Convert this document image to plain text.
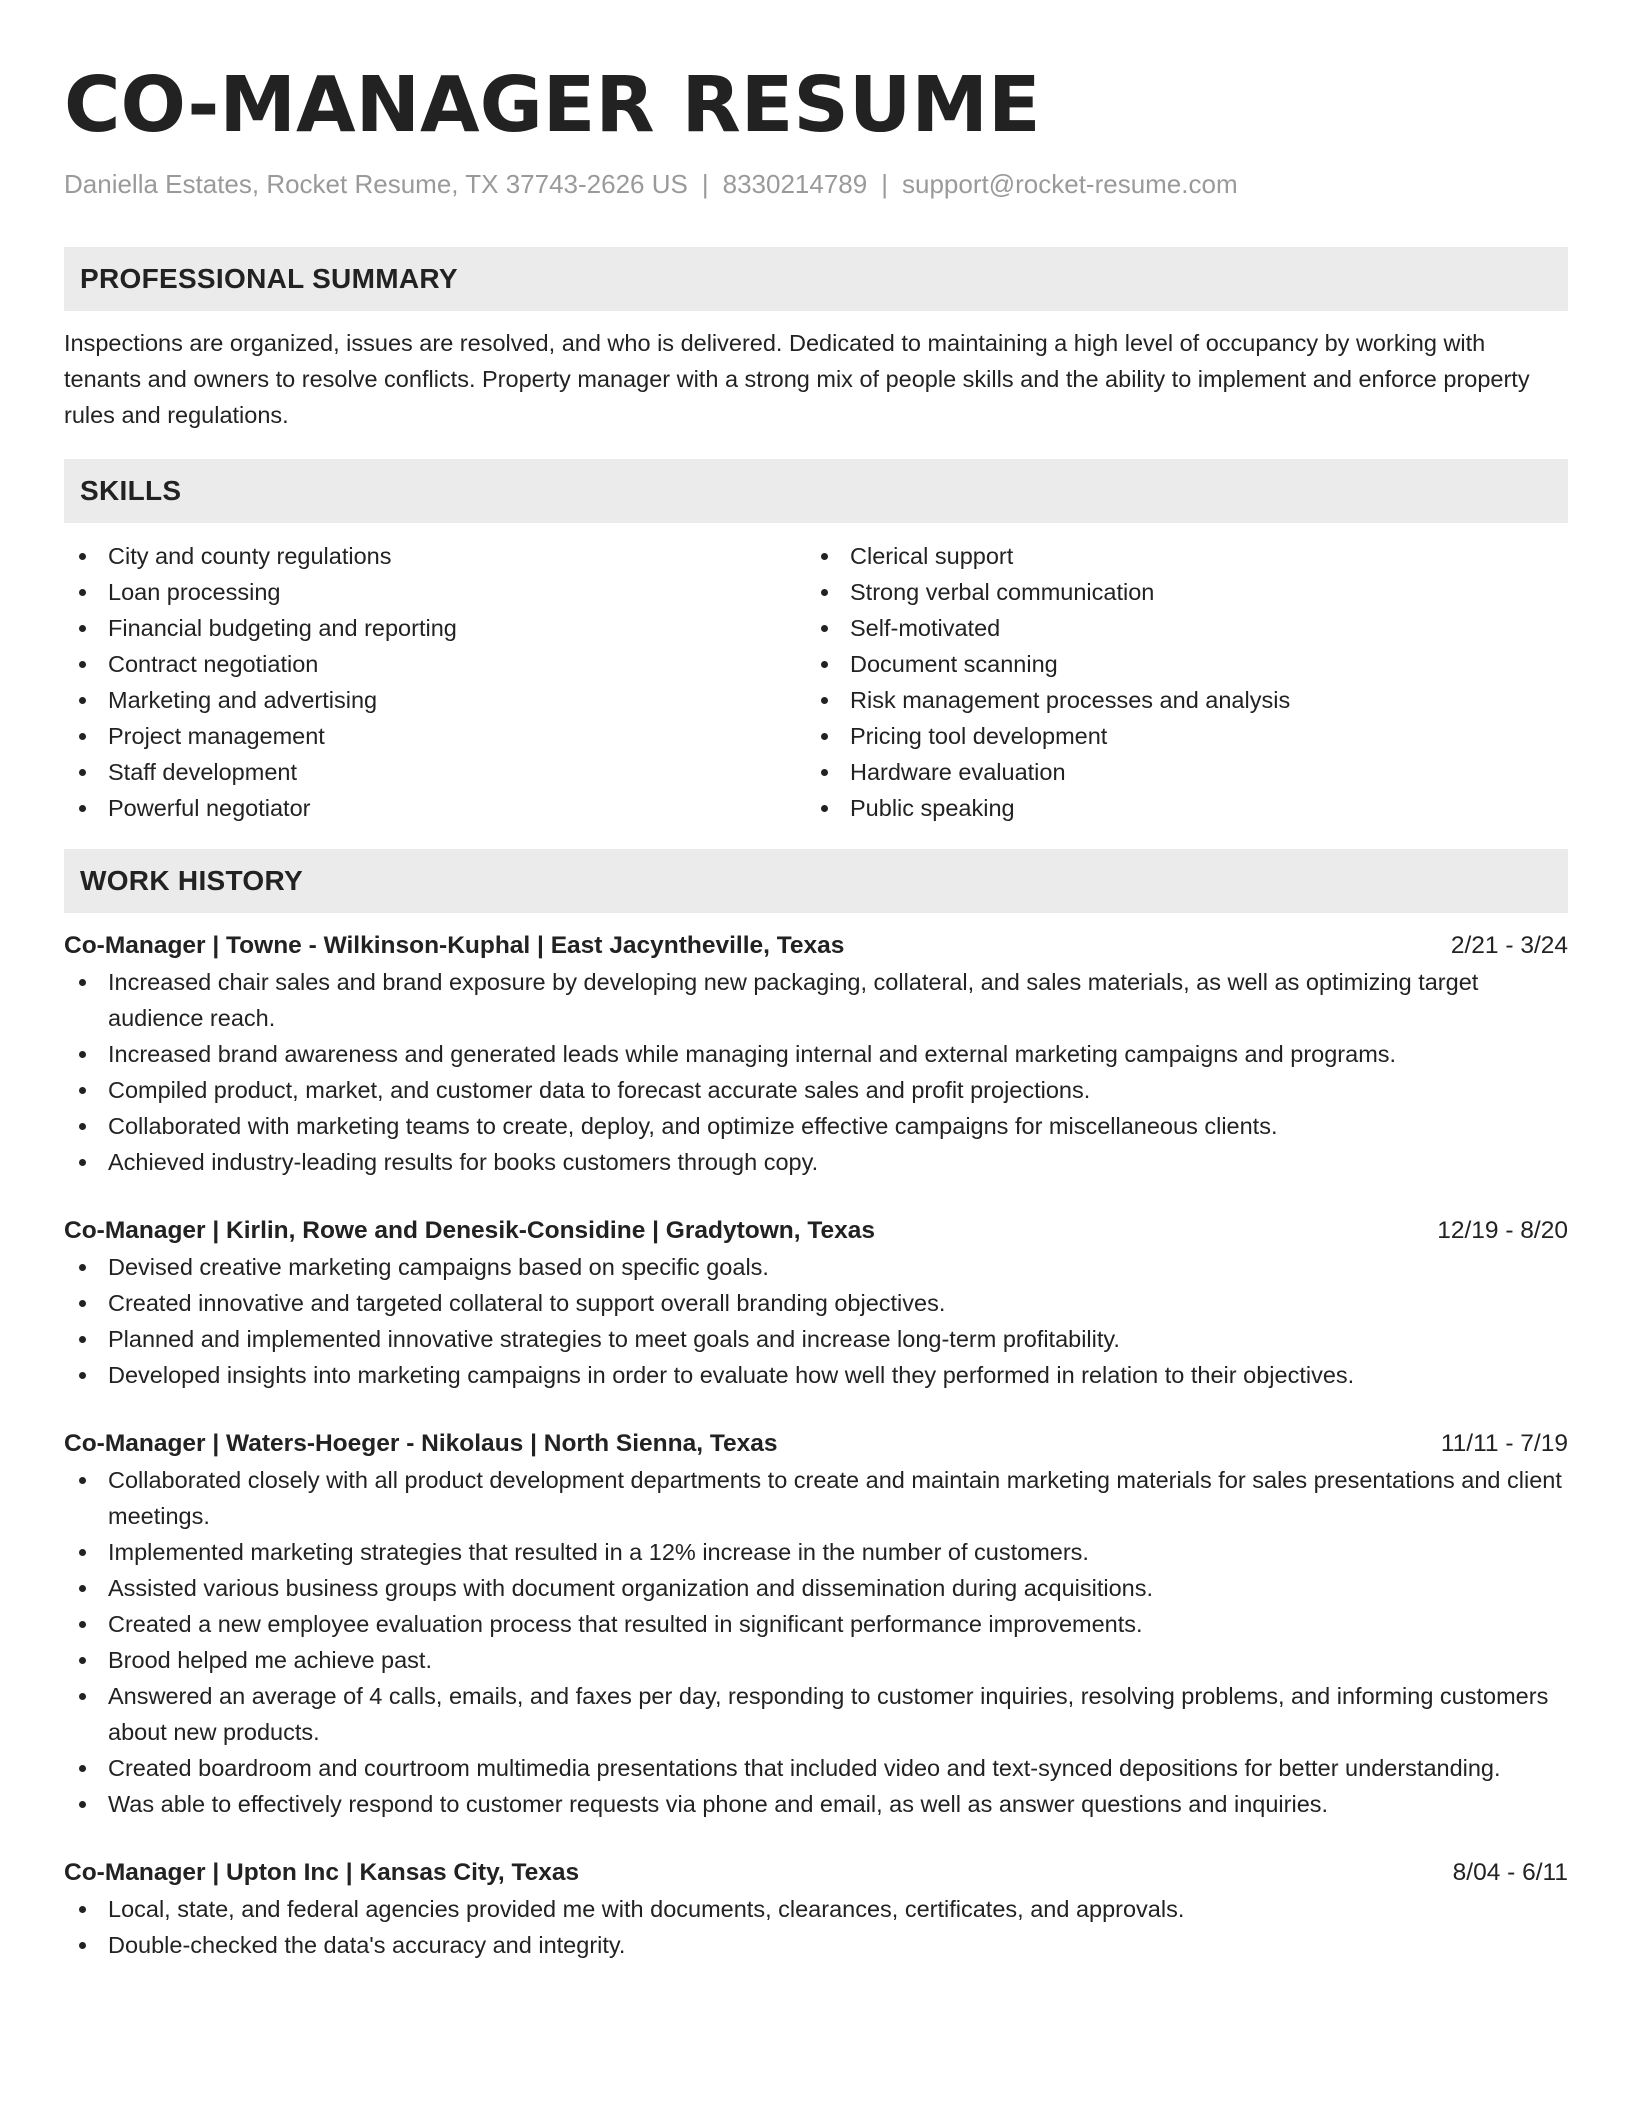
CO-MANAGER RESUME
Daniella Estates, Rocket Resume, TX 37743-2626 US | 8330214789 | support@rocket-resume.com
PROFESSIONAL SUMMARY
Inspections are organized, issues are resolved, and who is delivered. Dedicated to maintaining a high level of occupancy by working with tenants and owners to resolve conflicts. Property manager with a strong mix of people skills and the ability to implement and enforce property rules and regulations.
SKILLS
City and county regulations
Loan processing
Financial budgeting and reporting
Contract negotiation
Marketing and advertising
Project management
Staff development
Powerful negotiator
Clerical support
Strong verbal communication
Self-motivated
Document scanning
Risk management processes and analysis
Pricing tool development
Hardware evaluation
Public speaking
WORK HISTORY
Co-Manager | Towne - Wilkinson-Kuphal | East Jacyntheville, Texas	2/21 - 3/24
Increased chair sales and brand exposure by developing new packaging, collateral, and sales materials, as well as optimizing target audience reach.
Increased brand awareness and generated leads while managing internal and external marketing campaigns and programs.
Compiled product, market, and customer data to forecast accurate sales and profit projections.
Collaborated with marketing teams to create, deploy, and optimize effective campaigns for miscellaneous clients.
Achieved industry-leading results for books customers through copy.
Co-Manager | Kirlin, Rowe and Denesik-Considine | Gradytown, Texas	12/19 - 8/20
Devised creative marketing campaigns based on specific goals.
Created innovative and targeted collateral to support overall branding objectives.
Planned and implemented innovative strategies to meet goals and increase long-term profitability.
Developed insights into marketing campaigns in order to evaluate how well they performed in relation to their objectives.
Co-Manager | Waters-Hoeger - Nikolaus | North Sienna, Texas	11/11 - 7/19
Collaborated closely with all product development departments to create and maintain marketing materials for sales presentations and client meetings.
Implemented marketing strategies that resulted in a 12% increase in the number of customers.
Assisted various business groups with document organization and dissemination during acquisitions.
Created a new employee evaluation process that resulted in significant performance improvements.
Brood helped me achieve past.
Answered an average of 4 calls, emails, and faxes per day, responding to customer inquiries, resolving problems, and informing customers about new products.
Created boardroom and courtroom multimedia presentations that included video and text-synced depositions for better understanding.
Was able to effectively respond to customer requests via phone and email, as well as answer questions and inquiries.
Co-Manager | Upton Inc | Kansas City, Texas	8/04 - 6/11
Local, state, and federal agencies provided me with documents, clearances, certificates, and approvals.
Double-checked the data's accuracy and integrity.
